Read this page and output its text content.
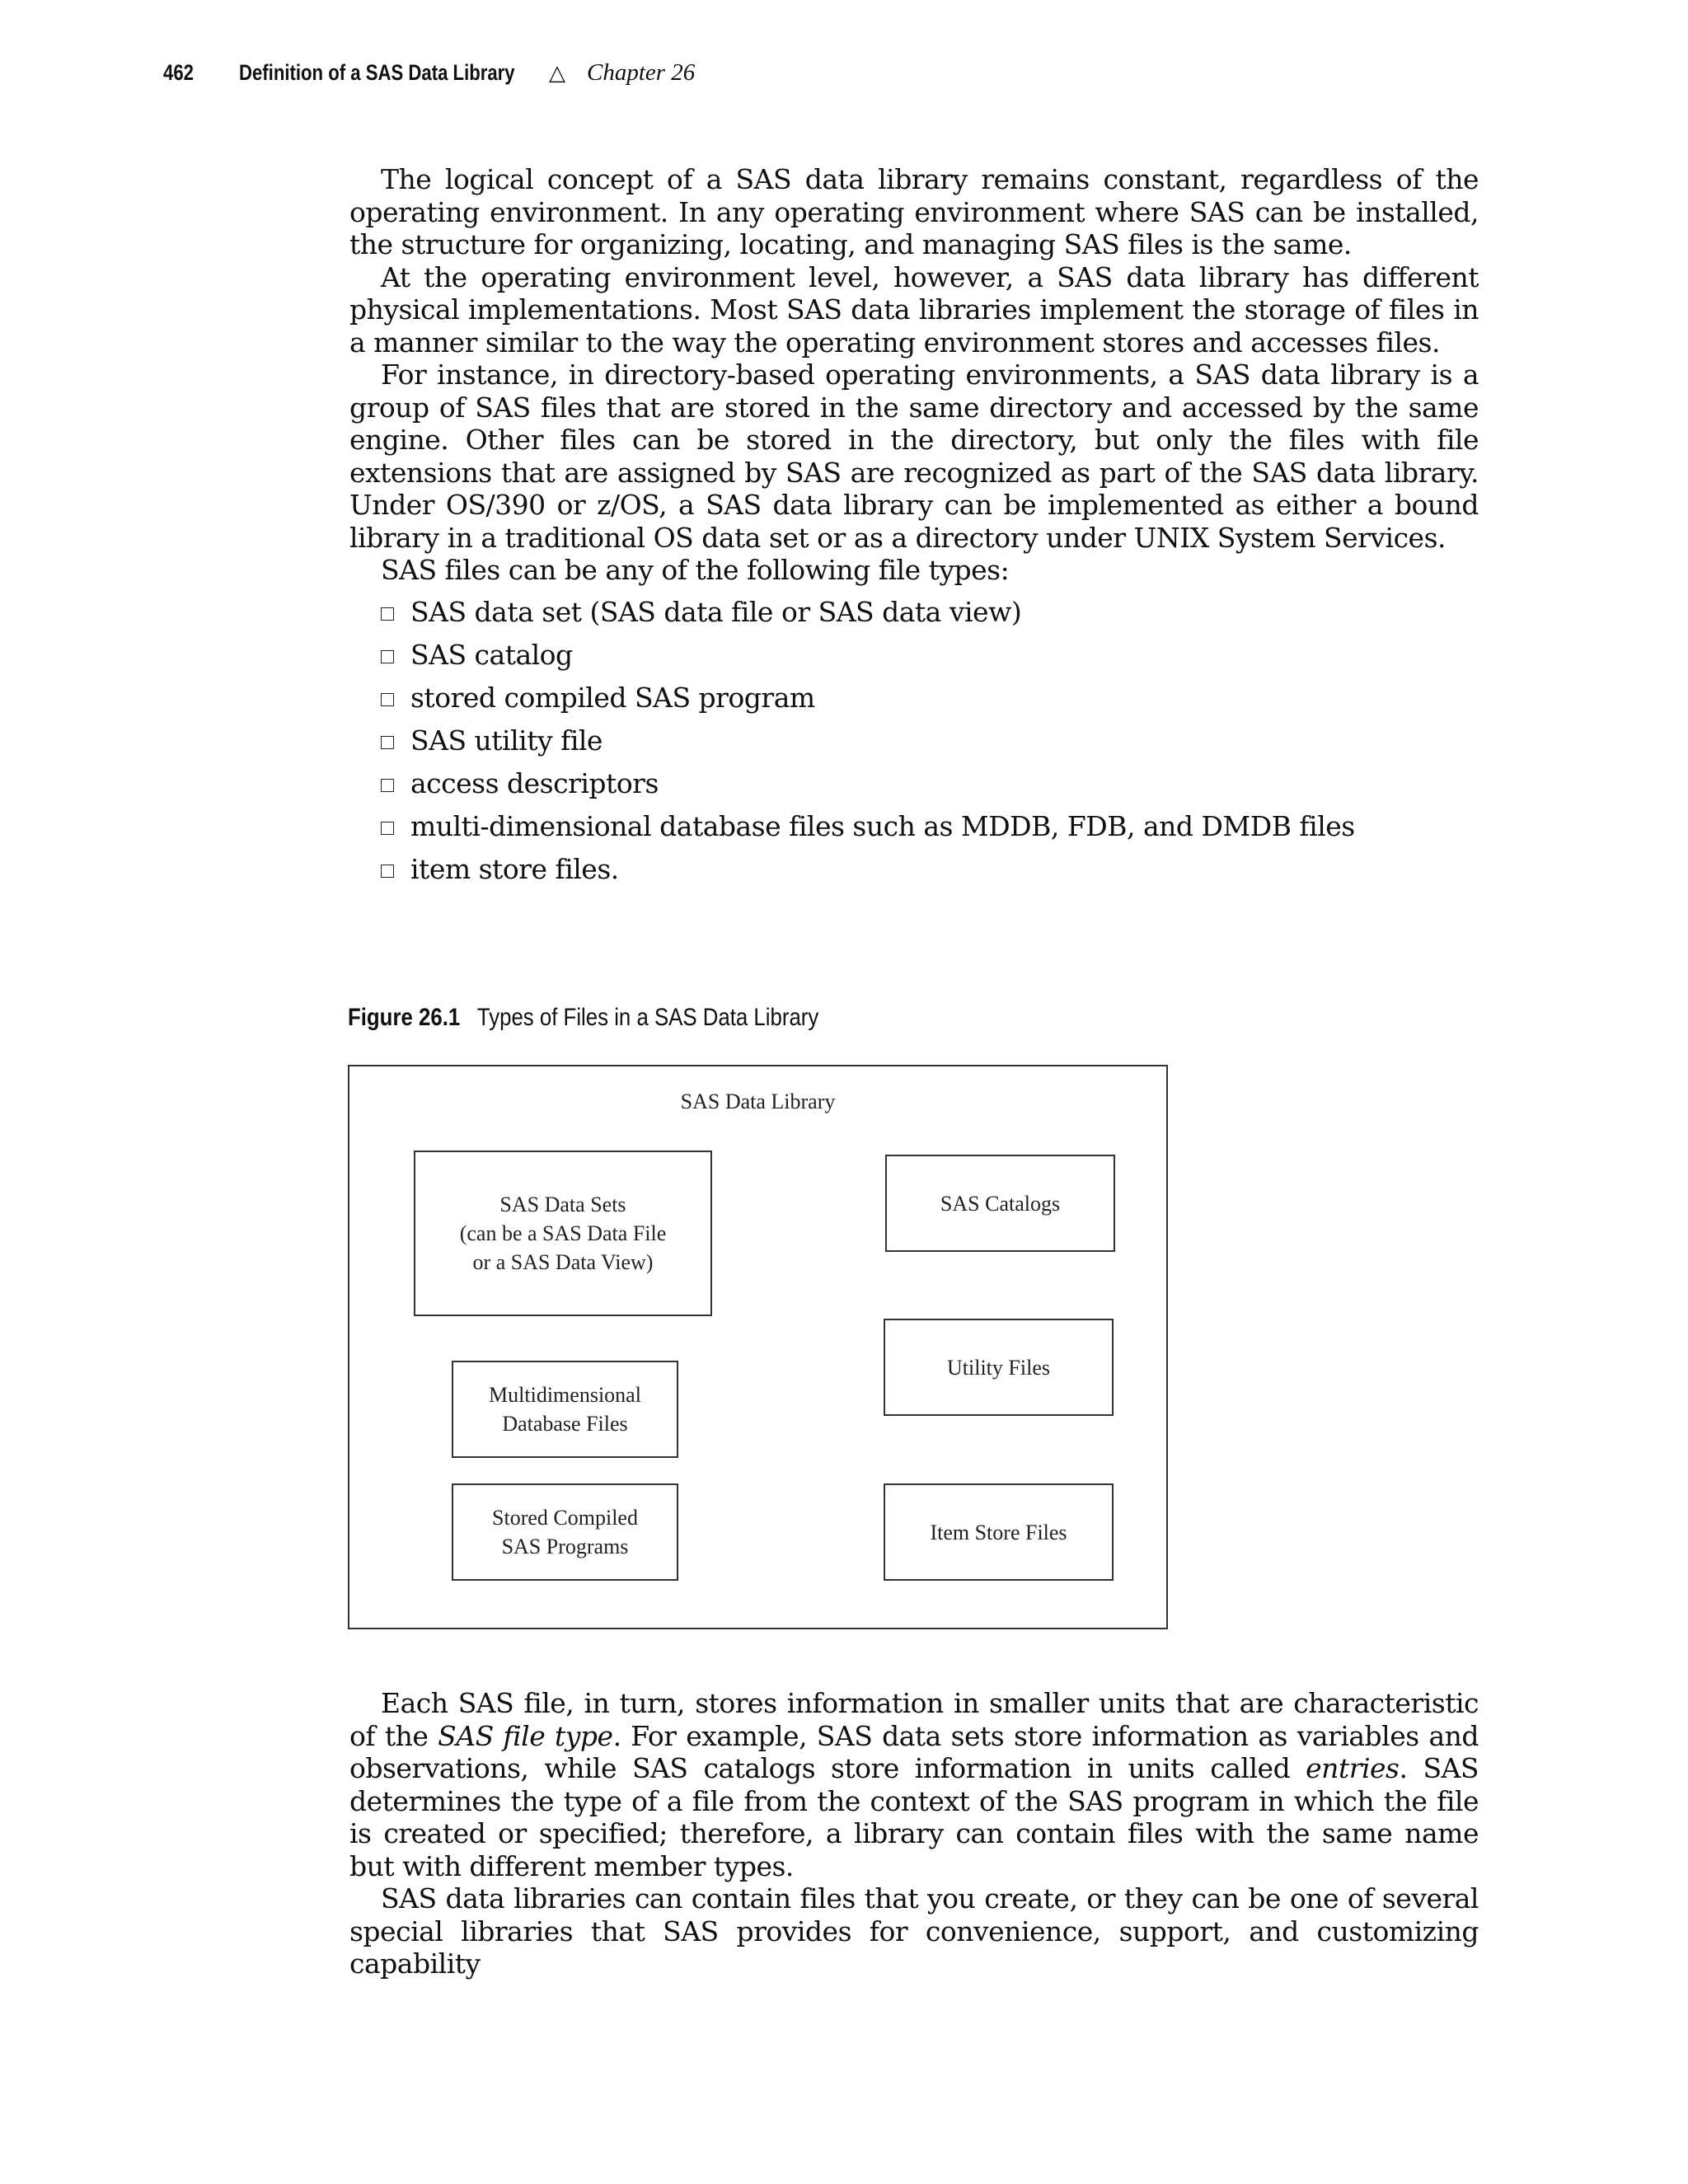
462	Definition of a SAS Data Library △ Chapter 26

The logical concept of a SAS data library remains constant, regardless of the operating environment. In any operating environment where SAS can be installed, the structure for organizing, locating, and managing SAS files is the same.

At the operating environment level, however, a SAS data library has different physical implementations. Most SAS data libraries implement the storage of files in a manner similar to the way the operating environment stores and accesses files.

For instance, in directory-based operating environments, a SAS data library is a group of SAS files that are stored in the same directory and accessed by the same engine. Other files can be stored in the directory, but only the files with file extensions that are assigned by SAS are recognized as part of the SAS data library. Under OS/390 or z/OS, a SAS data library can be implemented as either a bound library in a traditional OS data set or as a directory under UNIX System Services.

SAS files can be any of the following file types:

SAS data set (SAS data file or SAS data view)
SAS catalog
stored compiled SAS program
SAS utility file
access descriptors
multi-dimensional database files such as MDDB, FDB, and DMDB files
item store files.
Figure 26.1 Types of Files in a SAS Data Library
SAS Data Library
SAS Data Sets
(can be a SAS Data File
or a SAS Data View)
SAS Catalogs
Utility Files
Multidimensional
Database Files
Stored Compiled
SAS Programs
Item Store Files

Each SAS file, in turn, stores information in smaller units that are characteristic of the SAS file type. For example, SAS data sets store information as variables and observations, while SAS catalogs store information in units called entries. SAS determines the type of a file from the context of the SAS program in which the file is created or specified; therefore, a library can contain files with the same name but with different member types.

SAS data libraries can contain files that you create, or they can be one of several special libraries that SAS provides for convenience, support, and customizing capability
